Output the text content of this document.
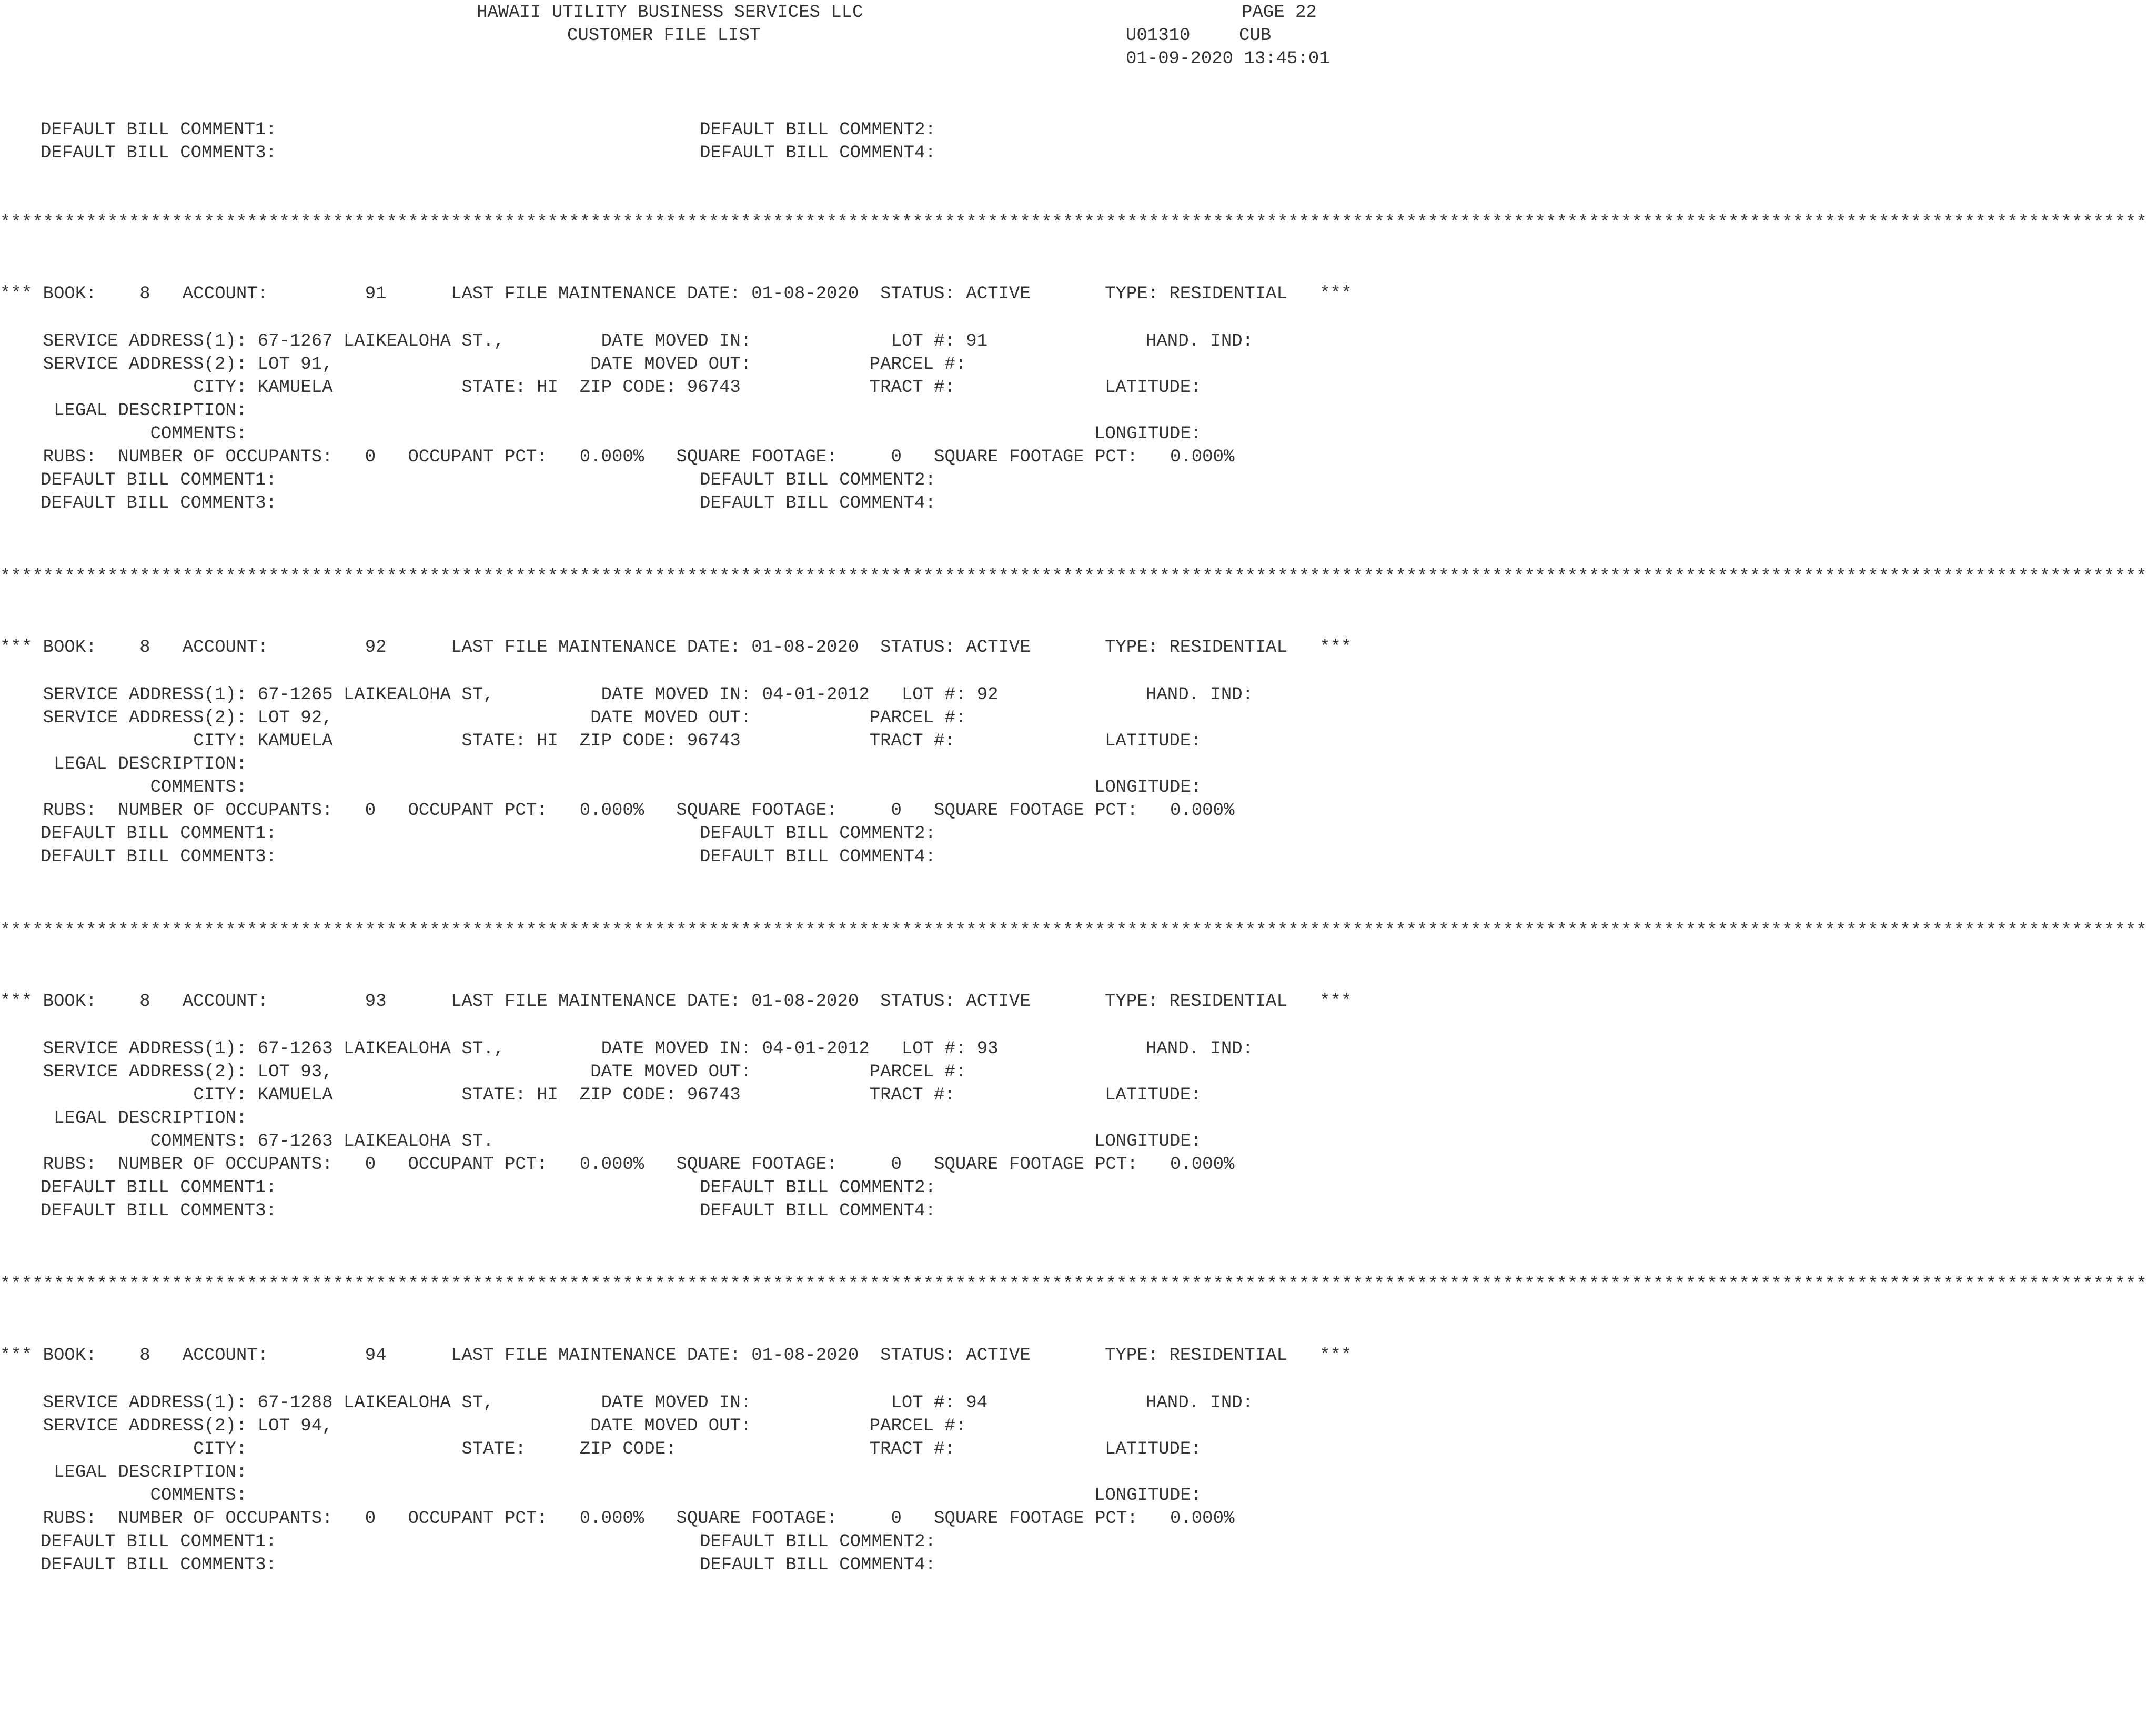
HAWAII UTILITY BUSINESS SERVICES LLC
CUSTOMER FILE LIST
PAGE 22
U01310	CUB
01-09-2020 13:45:01
DEFAULT BILL COMMENT1:	DEFAULT BILL COMMENT2:
DEFAULT BILL COMMENT3:	DEFAULT BILL COMMENT4:
********************************************************************************************************************************************************************************************************
*** BOOK:    8   ACCOUNT:         91      LAST FILE MAINTENANCE DATE: 01-08-2020  STATUS: ACTIVE	TYPE: RESIDENTIAL   ***
SERVICE ADDRESS(1): 67-1267 LAIKEALOHA ST.,         DATE MOVED IN:             LOT #: 91	HAND. IND:
SERVICE ADDRESS(2): LOT 91,                        DATE MOVED OUT:           PARCEL #:
CITY: KAMUELA            STATE: HI  ZIP CODE: 96743            TRACT #:	LATITUDE:
LEGAL DESCRIPTION:
COMMENTS:	LONGITUDE:
RUBS:  NUMBER OF OCCUPANTS:   0   OCCUPANT PCT:   0.000%   SQUARE FOOTAGE:     0   SQUARE FOOTAGE PCT:   0.000%
DEFAULT BILL COMMENT1:	DEFAULT BILL COMMENT2:
DEFAULT BILL COMMENT3:	DEFAULT BILL COMMENT4:
********************************************************************************************************************************************************************************************************
*** BOOK:    8   ACCOUNT:         92      LAST FILE MAINTENANCE DATE: 01-08-2020  STATUS: ACTIVE	TYPE: RESIDENTIAL   ***
SERVICE ADDRESS(1): 67-1265 LAIKEALOHA ST,          DATE MOVED IN: 04-01-2012   LOT #: 92	HAND. IND:
SERVICE ADDRESS(2): LOT 92,                        DATE MOVED OUT:           PARCEL #:
CITY: KAMUELA            STATE: HI  ZIP CODE: 96743            TRACT #:	LATITUDE:
LEGAL DESCRIPTION:
COMMENTS:	LONGITUDE:
RUBS:  NUMBER OF OCCUPANTS:   0   OCCUPANT PCT:   0.000%   SQUARE FOOTAGE:     0   SQUARE FOOTAGE PCT:   0.000%
DEFAULT BILL COMMENT1:	DEFAULT BILL COMMENT2:
DEFAULT BILL COMMENT3:	DEFAULT BILL COMMENT4:
********************************************************************************************************************************************************************************************************
*** BOOK:    8   ACCOUNT:         93      LAST FILE MAINTENANCE DATE: 01-08-2020  STATUS: ACTIVE	TYPE: RESIDENTIAL   ***
SERVICE ADDRESS(1): 67-1263 LAIKEALOHA ST.,         DATE MOVED IN: 04-01-2012   LOT #: 93	HAND. IND:
SERVICE ADDRESS(2): LOT 93,                        DATE MOVED OUT:           PARCEL #:
CITY: KAMUELA            STATE: HI  ZIP CODE: 96743            TRACT #:	LATITUDE:
LEGAL DESCRIPTION:
COMMENTS: 67-1263 LAIKEALOHA ST.	LONGITUDE:
RUBS:  NUMBER OF OCCUPANTS:   0   OCCUPANT PCT:   0.000%   SQUARE FOOTAGE:     0   SQUARE FOOTAGE PCT:   0.000%
DEFAULT BILL COMMENT1:	DEFAULT BILL COMMENT2:
DEFAULT BILL COMMENT3:	DEFAULT BILL COMMENT4:
********************************************************************************************************************************************************************************************************
*** BOOK:    8   ACCOUNT:         94      LAST FILE MAINTENANCE DATE: 01-08-2020  STATUS: ACTIVE	TYPE: RESIDENTIAL   ***
SERVICE ADDRESS(1): 67-1288 LAIKEALOHA ST,          DATE MOVED IN:             LOT #: 94	HAND. IND:
SERVICE ADDRESS(2): LOT 94,                        DATE MOVED OUT:           PARCEL #:
CITY:                    STATE:     ZIP CODE:                  TRACT #:	LATITUDE:
LEGAL DESCRIPTION:
COMMENTS:	LONGITUDE:
RUBS:  NUMBER OF OCCUPANTS:   0   OCCUPANT PCT:   0.000%   SQUARE FOOTAGE:     0   SQUARE FOOTAGE PCT:   0.000%
DEFAULT BILL COMMENT1:	DEFAULT BILL COMMENT2:
DEFAULT BILL COMMENT3:	DEFAULT BILL COMMENT4:
